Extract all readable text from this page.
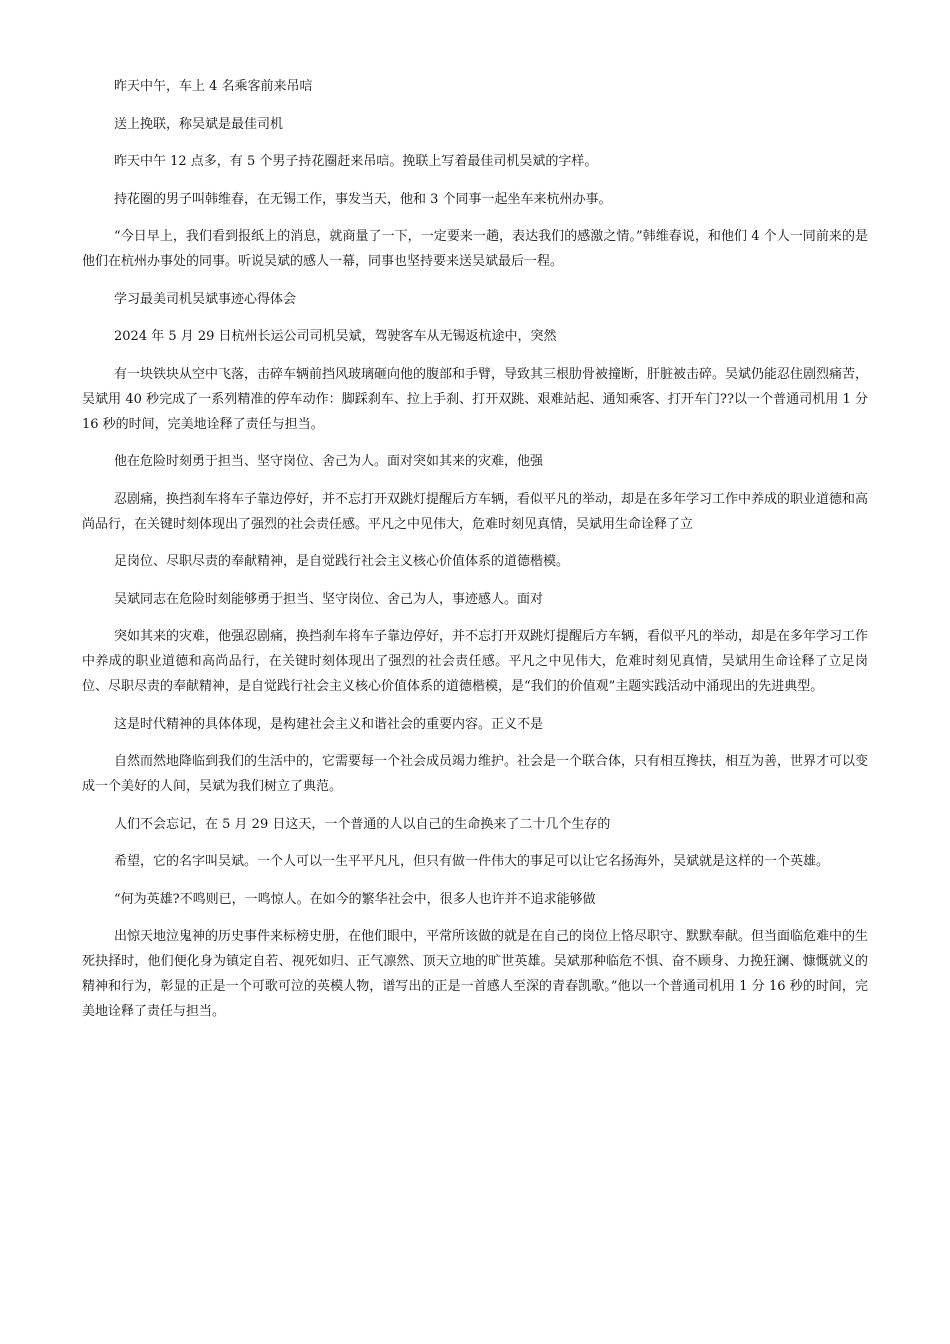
昨天中午，车上 4 名乘客前来吊唁

送上挽联，称吴斌是最佳司机

昨天中午 12 点多，有 5 个男子持花圈赶来吊唁。挽联上写着最佳司机吴斌的字样。

持花圈的男子叫韩维春，在无锡工作，事发当天，他和 3 个同事一起坐车来杭州办事。

“今日早上，我们看到报纸上的消息，就商量了一下，一定要来一趟，表达我们的感激之情。”韩维春说，和他们 4 个人一同前来的是他们在杭州办事处的同事。听说吴斌的感人一幕，同事也坚持要来送吴斌最后一程。

学习最美司机吴斌事迹心得体会

2024 年 5 月 29 日杭州长运公司司机吴斌，驾驶客车从无锡返杭途中，突然

有一块铁块从空中飞落，击碎车辆前挡风玻璃砸向他的腹部和手臂，导致其三根肋骨被撞断，肝脏被击碎。吴斌仍能忍住剧烈痛苦，吴斌用 40 秒完成了一系列精准的停车动作：脚踩刹车、拉上手刹、打开双跳、艰难站起、通知乘客、打开车门??以一个普通司机用 1 分 16 秒的时间，完美地诠释了责任与担当。

他在危险时刻勇于担当、坚守岗位、舍己为人。面对突如其来的灾难，他强

忍剧痛，换挡刹车将车子靠边停好，并不忘打开双跳灯提醒后方车辆，看似平凡的举动，却是在多年学习工作中养成的职业道德和高尚品行，在关键时刻体现出了强烈的社会责任感。平凡之中见伟大，危难时刻见真情，吴斌用生命诠释了立

足岗位、尽职尽责的奉献精神，是自觉践行社会主义核心价值体系的道德楷模。

吴斌同志在危险时刻能够勇于担当、坚守岗位、舍己为人，事迹感人。面对

突如其来的灾难，他强忍剧痛，换挡刹车将车子靠边停好，并不忘打开双跳灯提醒后方车辆，看似平凡的举动，却是在多年学习工作中养成的职业道德和高尚品行，在关键时刻体现出了强烈的社会责任感。平凡之中见伟大，危难时刻见真情，吴斌用生命诠释了立足岗位、尽职尽责的奉献精神，是自觉践行社会主义核心价值体系的道德楷模，是“我们的价值观”主题实践活动中涌现出的先进典型。

这是时代精神的具体体现，是构建社会主义和谐社会的重要内容。正义不是

自然而然地降临到我们的生活中的，它需要每一个社会成员竭力维护。社会是一个联合体，只有相互搀扶，相互为善，世界才可以变成一个美好的人间，吴斌为我们树立了典范。

人们不会忘记，在 5 月 29 日这天，一个普通的人以自己的生命换来了二十几个生存的

希望，它的名字叫吴斌。一个人可以一生平平凡凡，但只有做一件伟大的事足可以让它名扬海外，吴斌就是这样的一个英雄。

“何为英雄?不鸣则已，一鸣惊人。在如今的繁华社会中，很多人也许并不追求能够做

出惊天地泣鬼神的历史事件来标榜史册，在他们眼中，平常所该做的就是在自己的岗位上恪尽职守、默默奉献。但当面临危难中的生死抉择时，他们便化身为镇定自若、视死如归、正气凛然、顶天立地的旷世英雄。吴斌那种临危不惧、奋不顾身、力挽狂澜、慷慨就义的精神和行为，彰显的正是一个可歌可泣的英模人物，谱写出的正是一首感人至深的青春凯歌。”他以一个普通司机用 1 分 16 秒的时间，完美地诠释了责任与担当。
